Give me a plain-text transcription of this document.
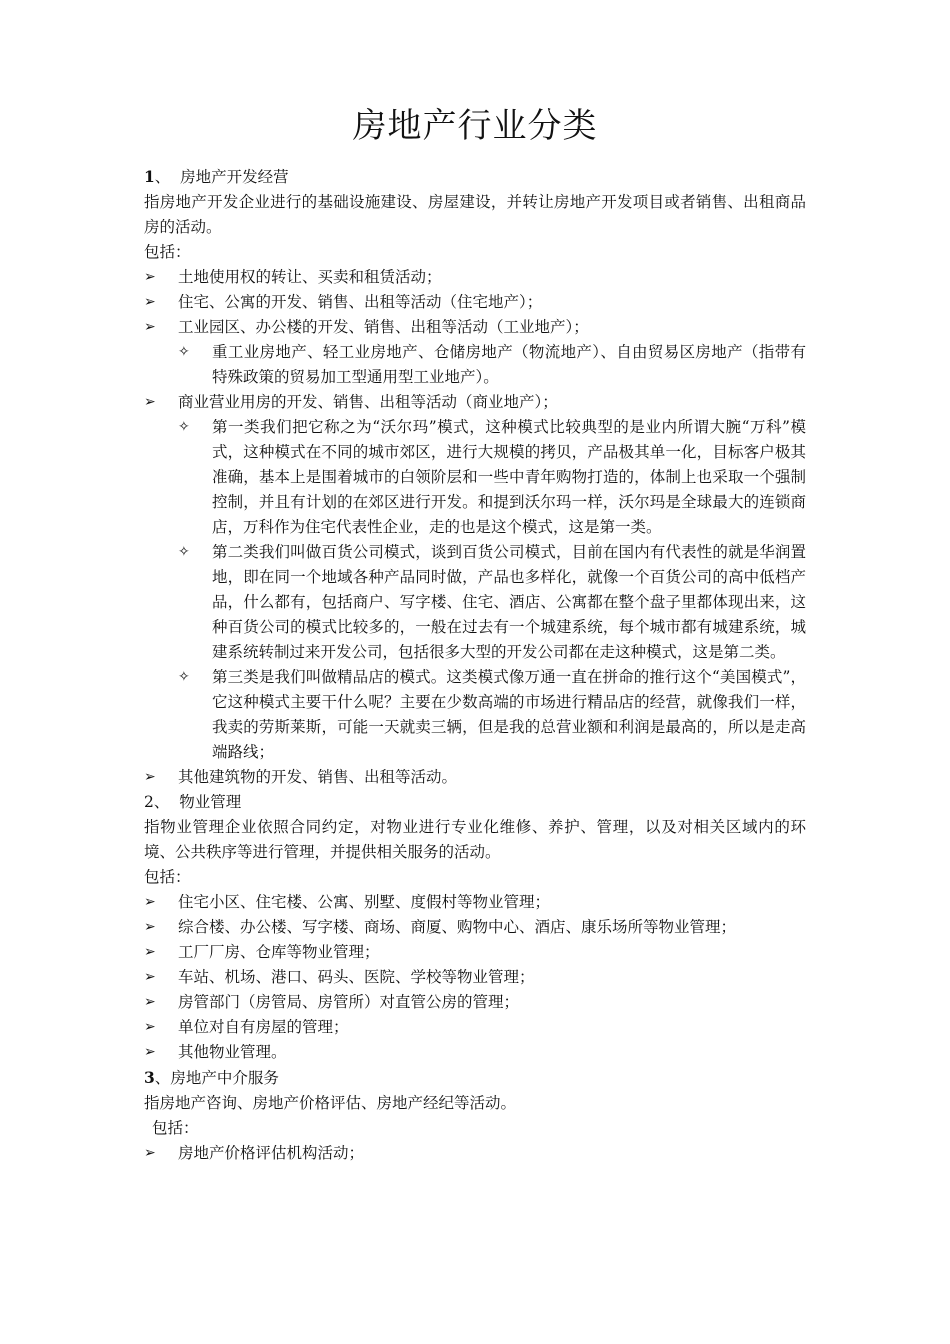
房地产行业分类

1、 房地产开发经营

指房地产开发企业进行的基础设施建设、房屋建设，并转让房地产开发项目或者销售、出租商品房的活动。

包括：

➢	土地使用权的转让、买卖和租赁活动；
➢	住宅、公寓的开发、销售、出租等活动（住宅地产）；
➢	工业园区、办公楼的开发、销售、出租等活动（工业地产）；
✧	重工业房地产、轻工业房地产、仓储房地产（物流地产）、自由贸易区房地产（指带有特殊政策的贸易加工型通用型工业地产）。
➢	商业营业用房的开发、销售、出租等活动（商业地产）；
✧	第一类我们把它称之为“沃尔玛”模式，这种模式比较典型的是业内所谓大腕“万科”模式，这种模式在不同的城市郊区，进行大规模的拷贝，产品极其单一化，目标客户极其准确，基本上是围着城市的白领阶层和一些中青年购物打造的，体制上也采取一个强制控制，并且有计划的在郊区进行开发。和提到沃尔玛一样，沃尔玛是全球最大的连锁商店，万科作为住宅代表性企业，走的也是这个模式，这是第一类。
✧	第二类我们叫做百货公司模式，谈到百货公司模式，目前在国内有代表性的就是华润置地，即在同一个地域各种产品同时做，产品也多样化，就像一个百货公司的高中低档产品，什么都有，包括商户、写字楼、住宅、酒店、公寓都在整个盘子里都体现出来，这种百货公司的模式比较多的，一般在过去有一个城建系统，每个城市都有城建系统，城建系统转制过来开发公司，包括很多大型的开发公司都在走这种模式，这是第二类。
✧	第三类是我们叫做精品店的模式。这类模式像万通一直在拼命的推行这个“美国模式”，它这种模式主要干什么呢？主要在少数高端的市场进行精品店的经营，就像我们一样，我卖的劳斯莱斯，可能一天就卖三辆，但是我的总营业额和利润是最高的，所以是走高端路线；
➢	其他建筑物的开发、销售、出租等活动。

2、 物业管理

指物业管理企业依照合同约定，对物业进行专业化维修、养护、管理，以及对相关区域内的环境、公共秩序等进行管理，并提供相关服务的活动。

包括：

➢	住宅小区、住宅楼、公寓、别墅、度假村等物业管理；
➢	综合楼、办公楼、写字楼、商场、商厦、购物中心、酒店、康乐场所等物业管理；
➢	工厂厂房、仓库等物业管理；
➢	车站、机场、港口、码头、医院、学校等物业管理；
➢	房管部门（房管局、房管所）对直管公房的管理；
➢	单位对自有房屋的管理；
➢	其他物业管理。

3、房地产中介服务

指房地产咨询、房地产价格评估、房地产经纪等活动。

包括：

➢	房地产价格评估机构活动；
